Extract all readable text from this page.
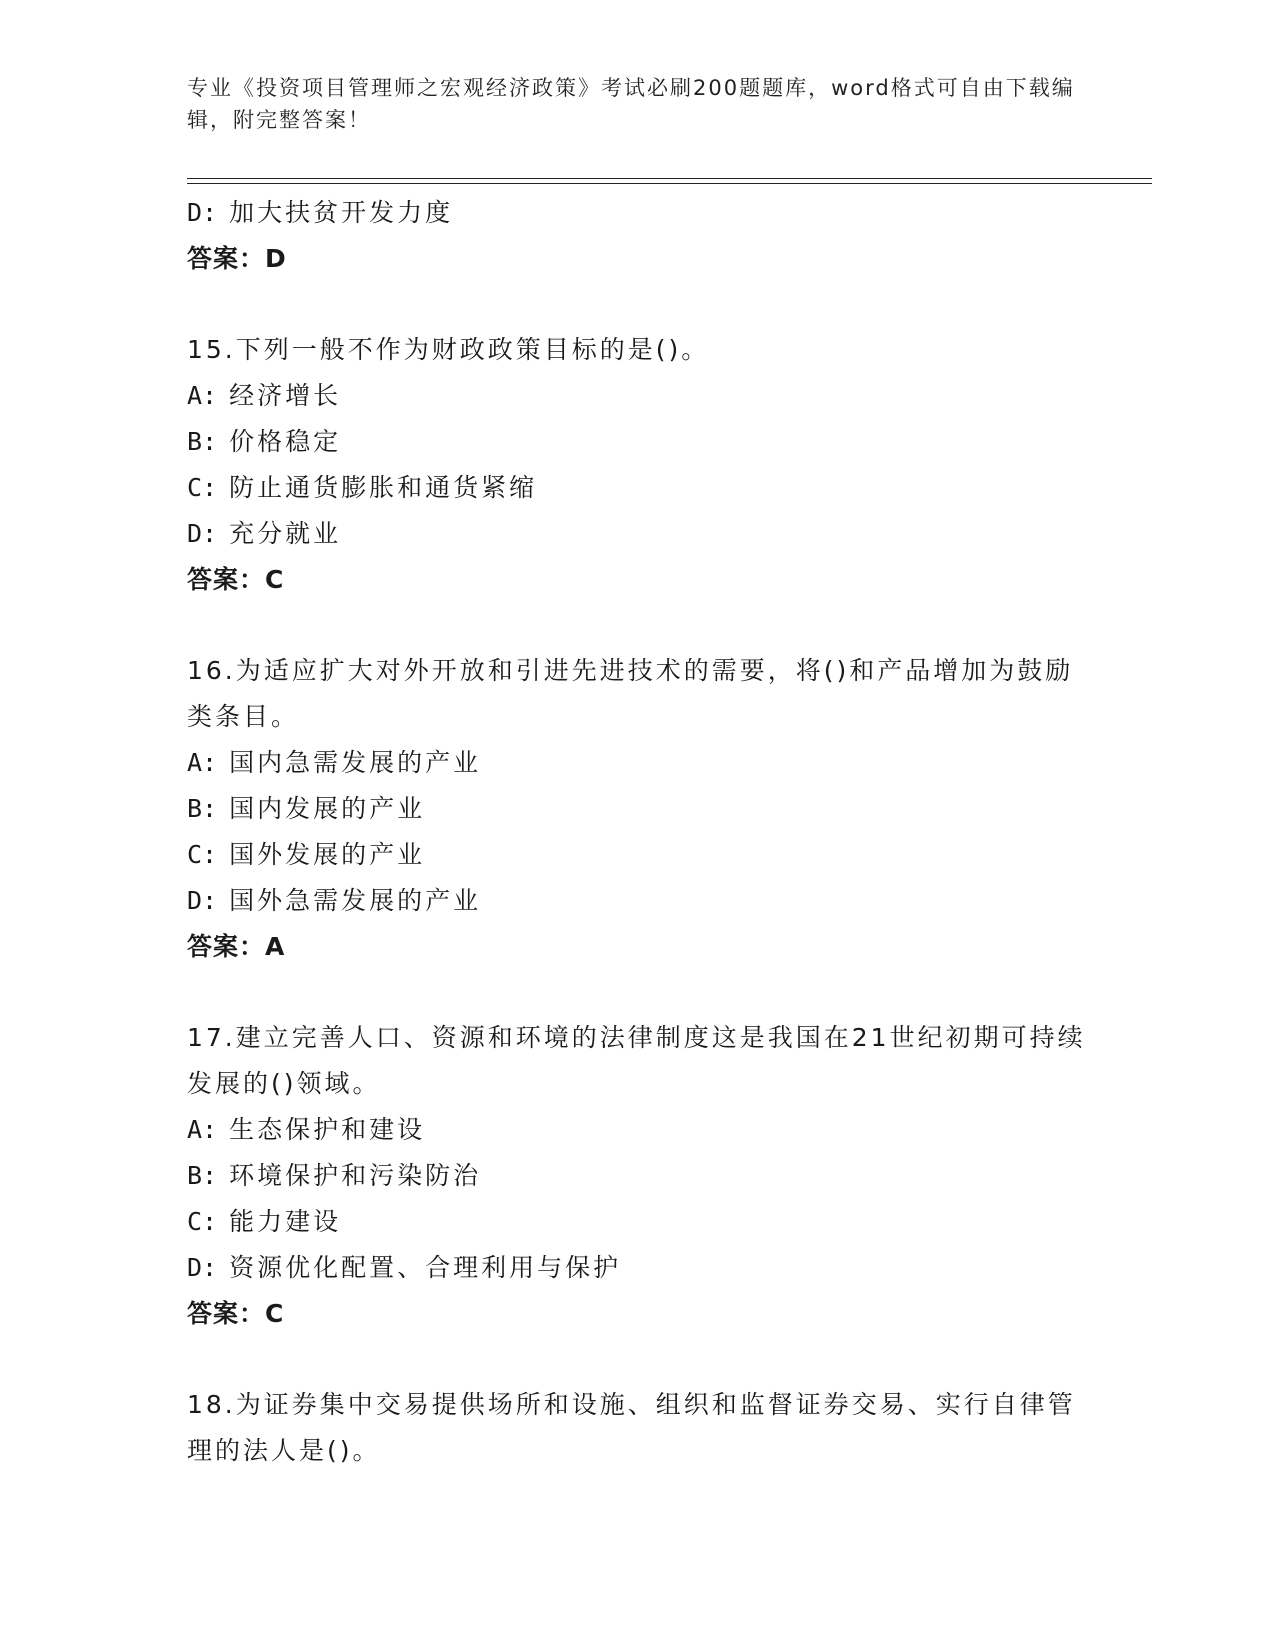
专业《投资项目管理师之宏观经济政策》考试必刷200题题库，word格式可自由下载编辑，附完整答案！
D: 加大扶贫开发力度
答案：D
15.下列一般不作为财政政策目标的是()。
A: 经济增长
B: 价格稳定
C: 防止通货膨胀和通货紧缩
D: 充分就业
答案：C
16.为适应扩大对外开放和引进先进技术的需要，将()和产品增加为鼓励类条目。
A: 国内急需发展的产业
B: 国内发展的产业
C: 国外发展的产业
D: 国外急需发展的产业
答案：A
17.建立完善人口、资源和环境的法律制度这是我国在21世纪初期可持续发展的()领域。
A: 生态保护和建设
B: 环境保护和污染防治
C: 能力建设
D: 资源优化配置、合理利用与保护
答案：C
18.为证券集中交易提供场所和设施、组织和监督证券交易、实行自律管理的法人是()。
